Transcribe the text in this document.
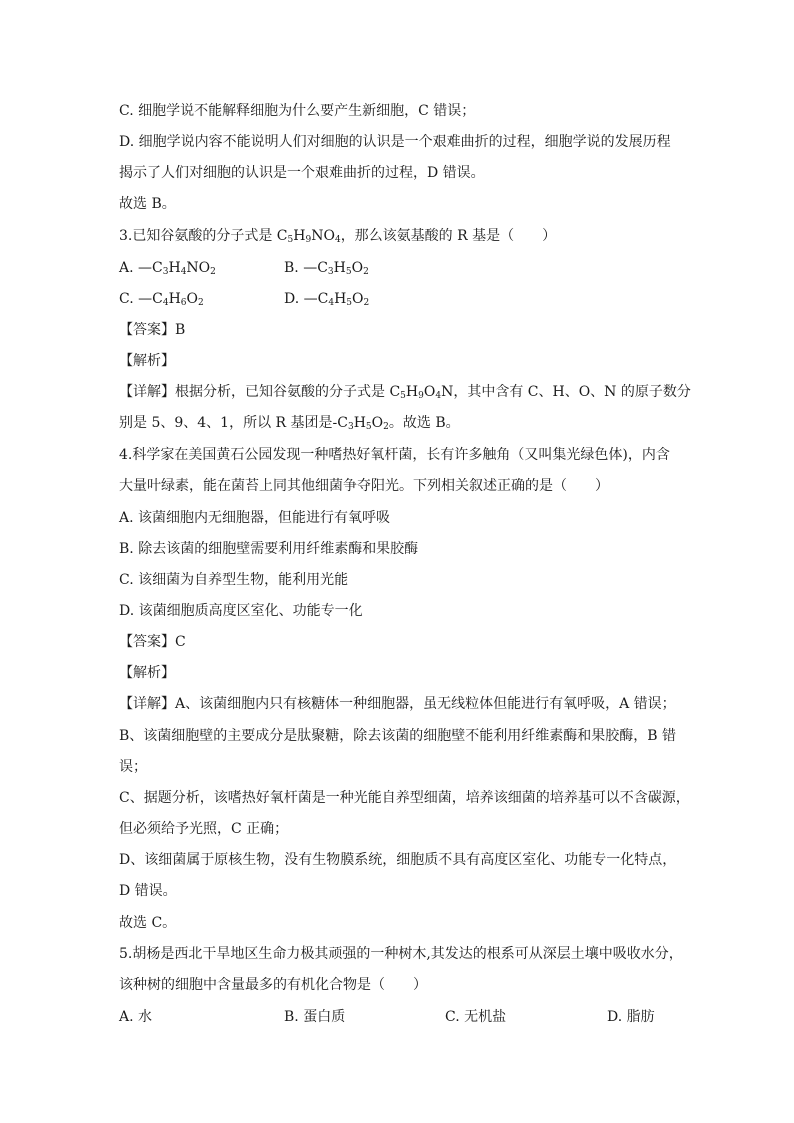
C. 细胞学说不能解释细胞为什么要产生新细胞，C 错误；
D. 细胞学说内容不能说明人们对细胞的认识是一个艰难曲折的过程，细胞学说的发展历程
揭示了人们对细胞的认识是一个艰难曲折的过程，D 错误。
故选 B。
3.已知谷氨酸的分子式是 $C_5H_9NO_4$，那么该氨基酸的 R 基是（　　）
A. $—C_3H_4NO_2$	B. $—C_3H_5O_2$
C. $—C_4H_6O_2$	D. $—C_4H_5O_2$
【答案】B
【解析】
【详解】根据分析，已知谷氨酸的分子式是 $C_5H_9O_4N$，其中含有 C、H、O、N 的原子数分
别是 5、9、4、1，所以 R 基团是$-C_3H_5O_2$。故选 B。
4.科学家在美国黄石公园发现一种嗜热好氧杆菌，长有许多触角（又叫集光绿色体)，内含
大量叶绿素，能在菌苔上同其他细菌争夺阳光。下列相关叙述正确的是（　　）
A. 该菌细胞内无细胞器，但能进行有氧呼吸
B. 除去该菌的细胞壁需要利用纤维素酶和果胶酶
C. 该细菌为自养型生物，能利用光能
D. 该菌细胞质高度区室化、功能专一化
【答案】C
【解析】
【详解】A、该菌细胞内只有核糖体一种细胞器，虽无线粒体但能进行有氧呼吸，A 错误；
B、该菌细胞壁的主要成分是肽聚糖，除去该菌的细胞壁不能利用纤维素酶和果胶酶，B 错
误；
C、据题分析，该嗜热好氧杆菌是一种光能自养型细菌，培养该细菌的培养基可以不含碳源，
但必须给予光照，C 正确；
D、该细菌属于原核生物，没有生物膜系统，细胞质不具有高度区室化、功能专一化特点，
D 错误。
故选 C。
5.胡杨是西北干旱地区生命力极其顽强的一种树木,其发达的根系可从深层土壤中吸收水分，
该种树的细胞中含量最多的有机化合物是（　　）
A. 水	B. 蛋白质	C. 无机盐	D. 脂肪
